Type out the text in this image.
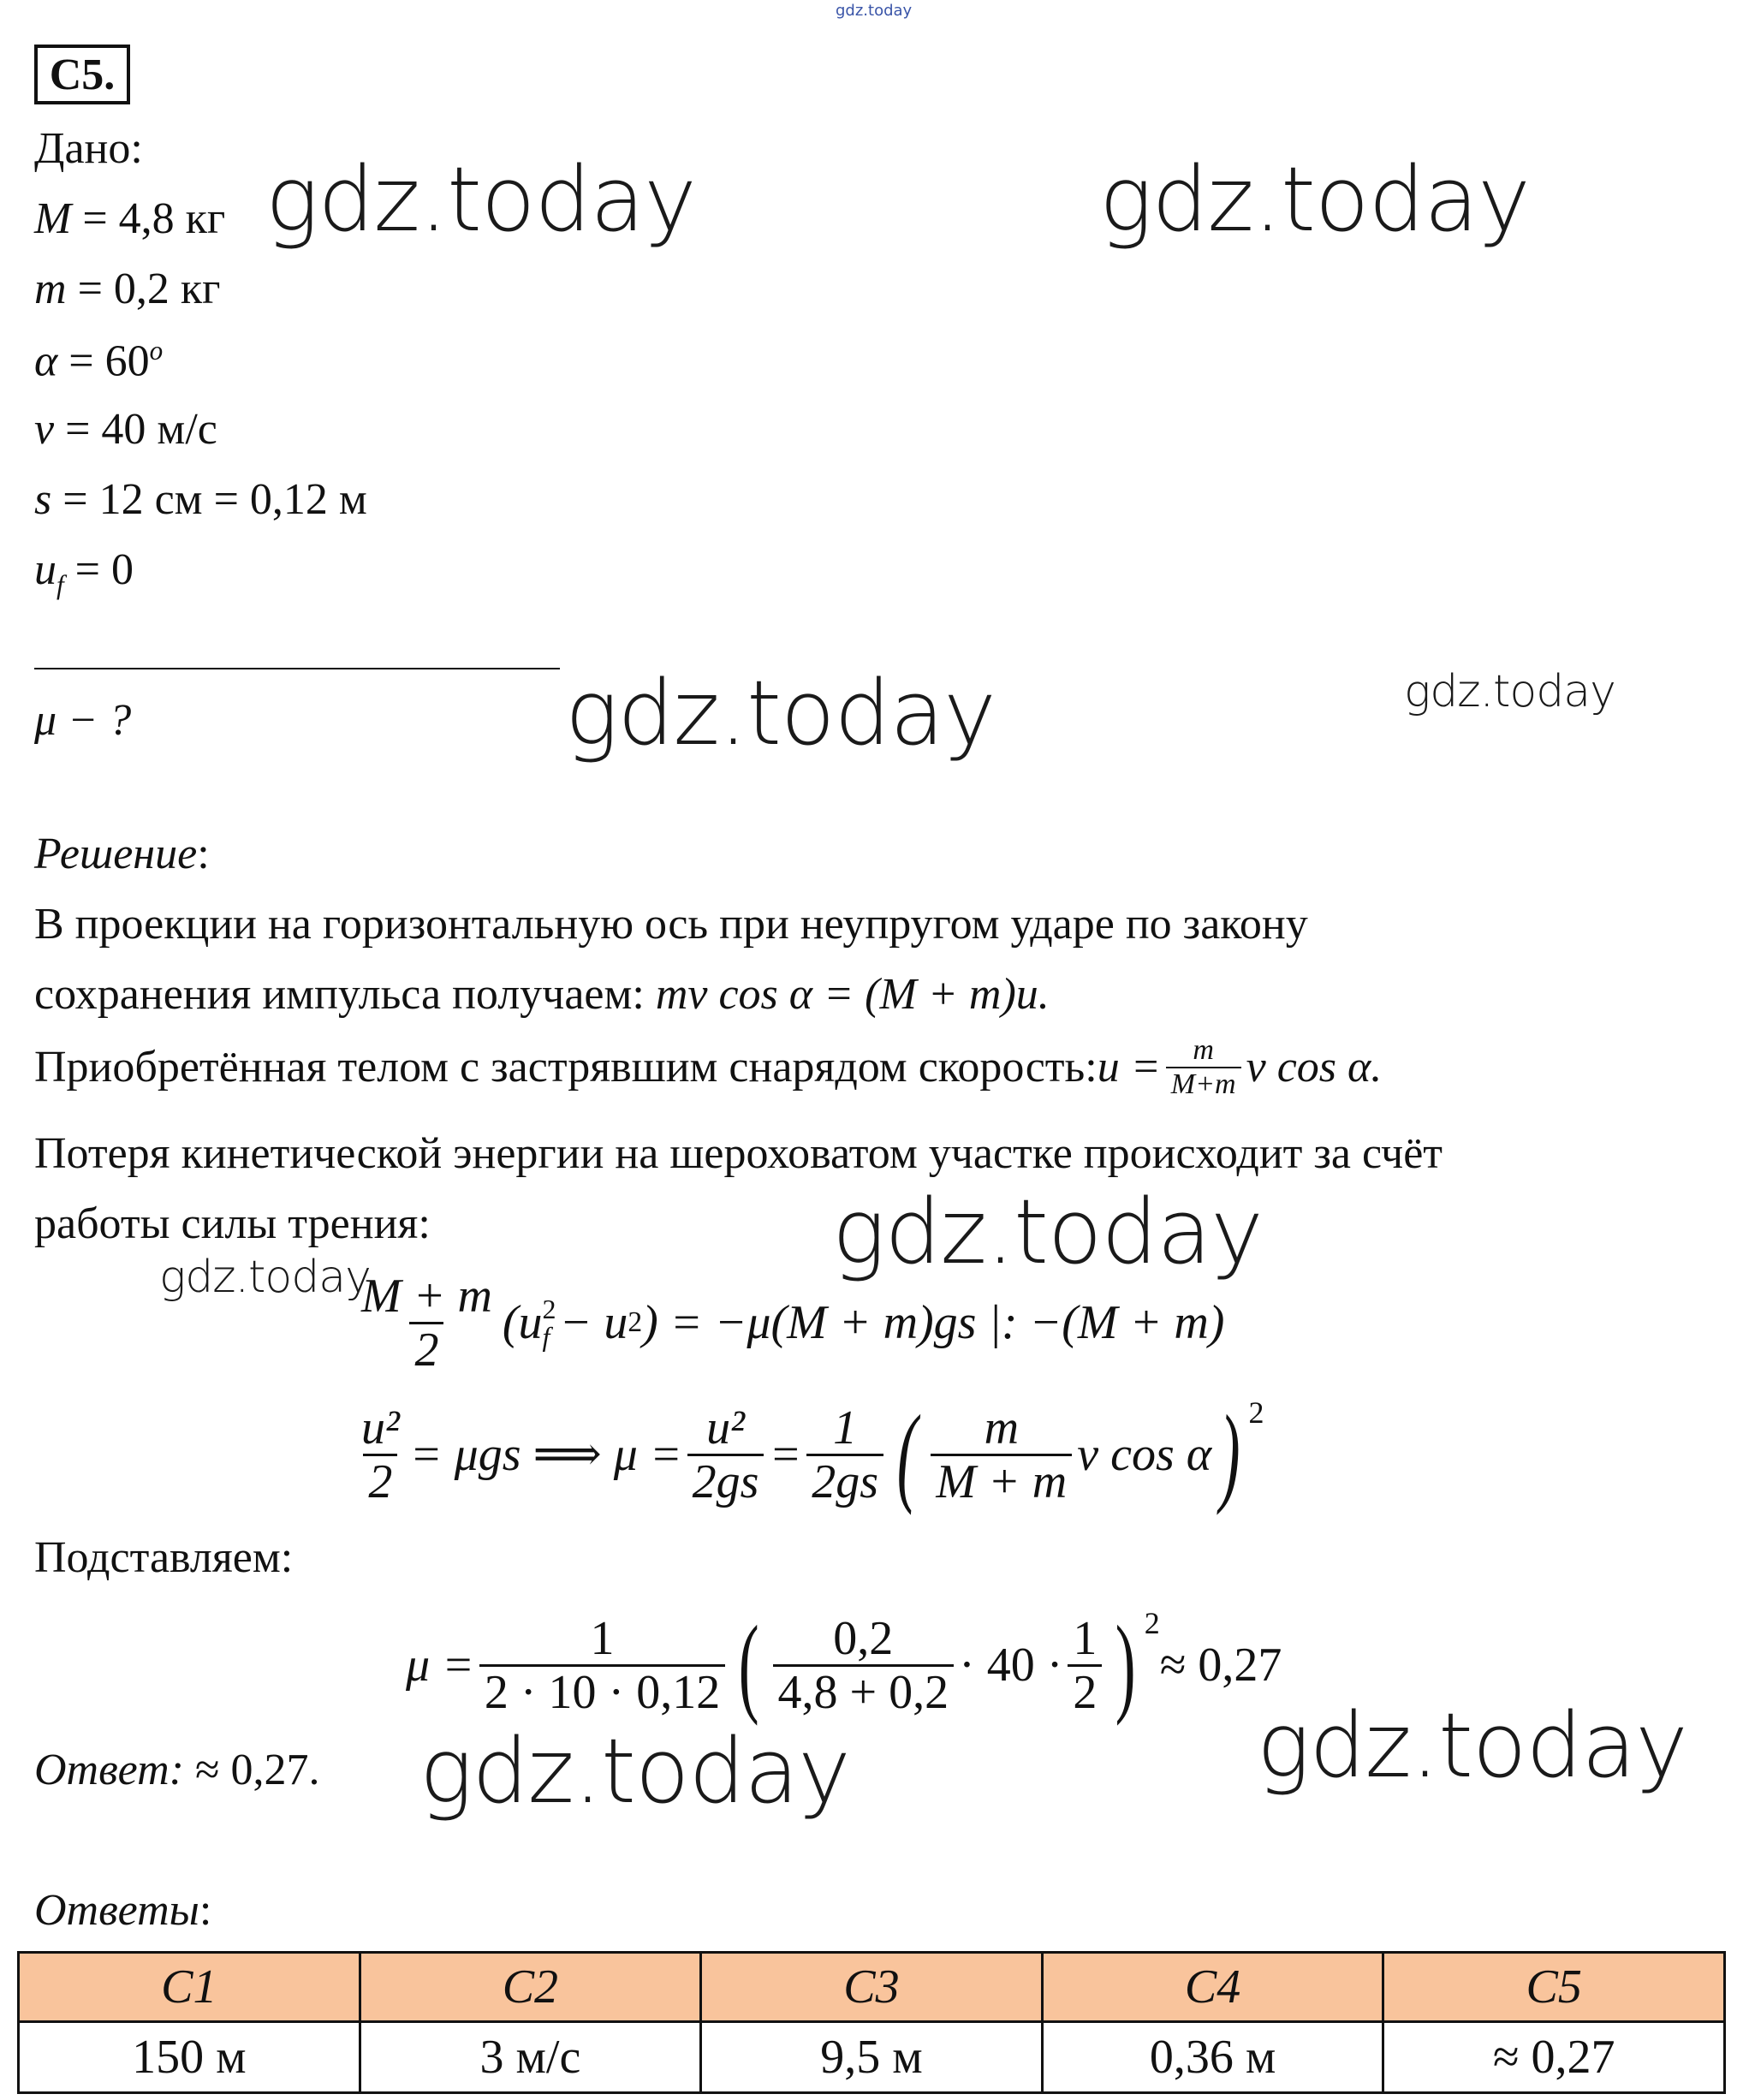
gdz.today
C5.
Дано:
M = 4,8 кг
m = 0,2 кг
$\alpha = 60^o$
v = 40 м/с
s = 12 см = 0,12 м
$u_f = 0$
μ − ?
gdz.today	gdz.today
gdz.today	gdz.today
gdz.today
gdz.today
gdz.today	gdz.today
Решение:
В проекции на горизонтальную ось при неупругом ударе по закону
сохранения импульса получаем: mv cos α = (M + m)u.
Приобретённая телом с застрявшим снарядом скорость: $u = \frac{m}{M+m}$ v cos α.
Потеря кинетической энергии на шероховатом участке происходит за счёт
работы силы трения:
$\frac{M + m}{2} (u$ 2
f − u 2 ) = −μ(M + m)gs |: −(M + m)
$\frac{\text{u²}}{2} = \mu gs$ ⟹ $\mu = \frac{\text{u²}}{2gs} = \frac{1}{2gs}$ ( $\frac{m}{M + m}$ v cos α ) 2
Подставляем:
$\mu = \frac{1}{2 \cdot 10 \cdot 0,12}$ ( $\frac{0,2}{4,8 + 0,2} \cdot 40 \cdot \frac{1}{2}$ ) 2
≈ 0,27
Ответ: ≈ 0,27.
Ответы:
C1	C2	C3	C4	C5
150 м	3 м/с	9,5 м	0,36 м	≈ 0,27
